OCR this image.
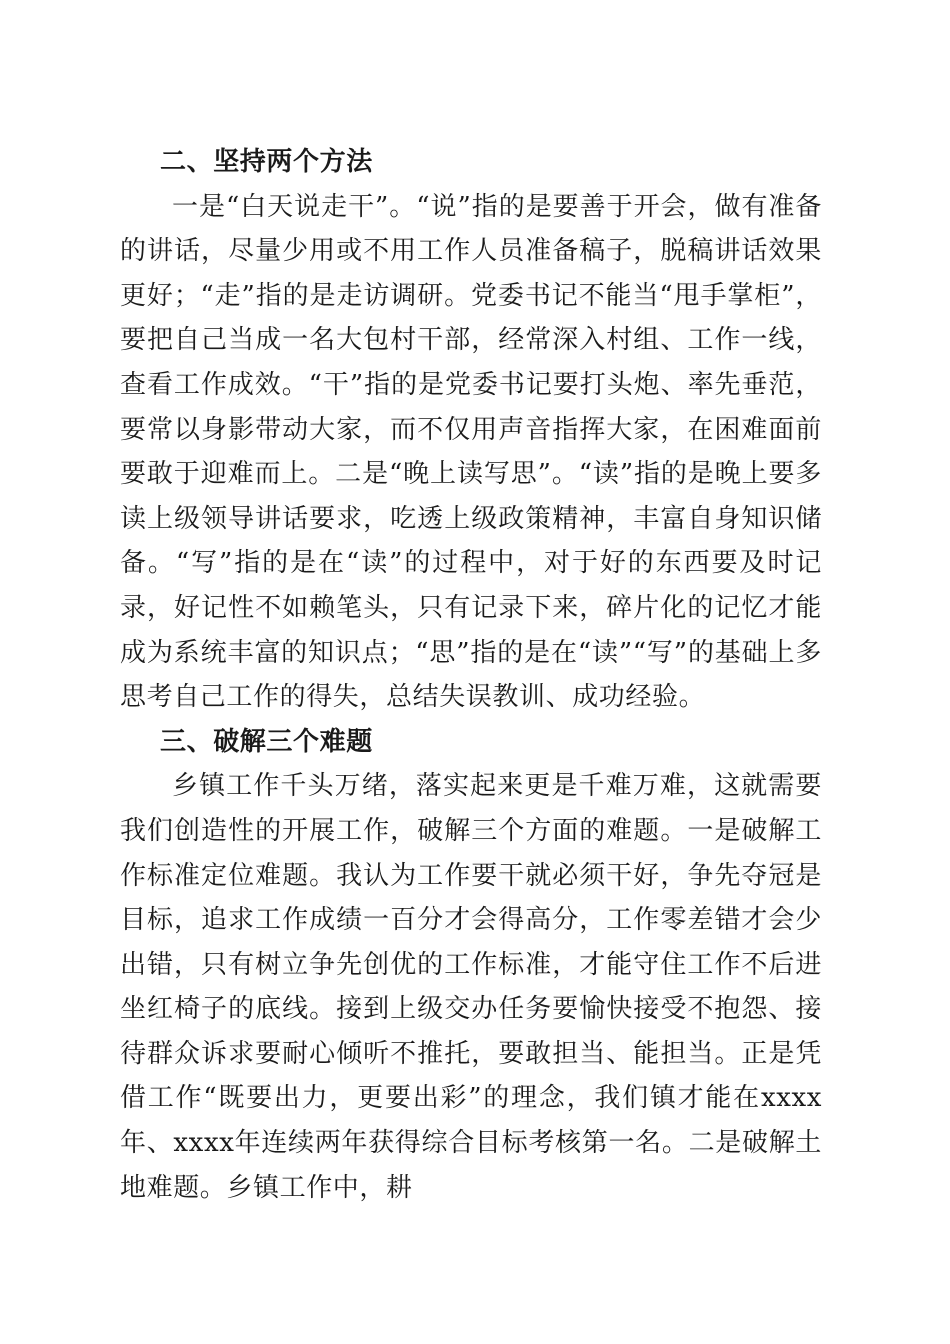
二、坚持两个方法

一是“白天说走干”。“说”指的是要善于开会，做有准备的讲话，尽量少用或不用工作人员准备稿子，脱稿讲话效果更好；“走”指的是走访调研。党委书记不能当“甩手掌柜”，要把自己当成一名大包村干部，经常深入村组、工作一线，查看工作成效。“干”指的是党委书记要打头炮、率先垂范，要常以身影带动大家，而不仅用声音指挥大家，在困难面前要敢于迎难而上。二是“晚上读写思”。“读”指的是晚上要多读上级领导讲话要求，吃透上级政策精神，丰富自身知识储备。“写”指的是在“读”的过程中，对于好的东西要及时记录，好记性不如赖笔头，只有记录下来，碎片化的记忆才能成为系统丰富的知识点；“思”指的是在“读”“写”的基础上多思考自己工作的得失，总结失误教训、成功经验。

三、破解三个难题

乡镇工作千头万绪，落实起来更是千难万难，这就需要我们创造性的开展工作，破解三个方面的难题。一是破解工作标准定位难题。我认为工作要干就必须干好，争先夺冠是目标，追求工作成绩一百分才会得高分，工作零差错才会少出错，只有树立争先创优的工作标准，才能守住工作不后进坐红椅子的底线。接到上级交办任务要愉快接受不抱怨、接待群众诉求要耐心倾听不推托，要敢担当、能担当。正是凭借工作“既要出力，更要出彩”的理念，我们镇才能在xxxx年、xxxx年连续两年获得综合目标考核第一名。二是破解土地难题。乡镇工作中，耕
